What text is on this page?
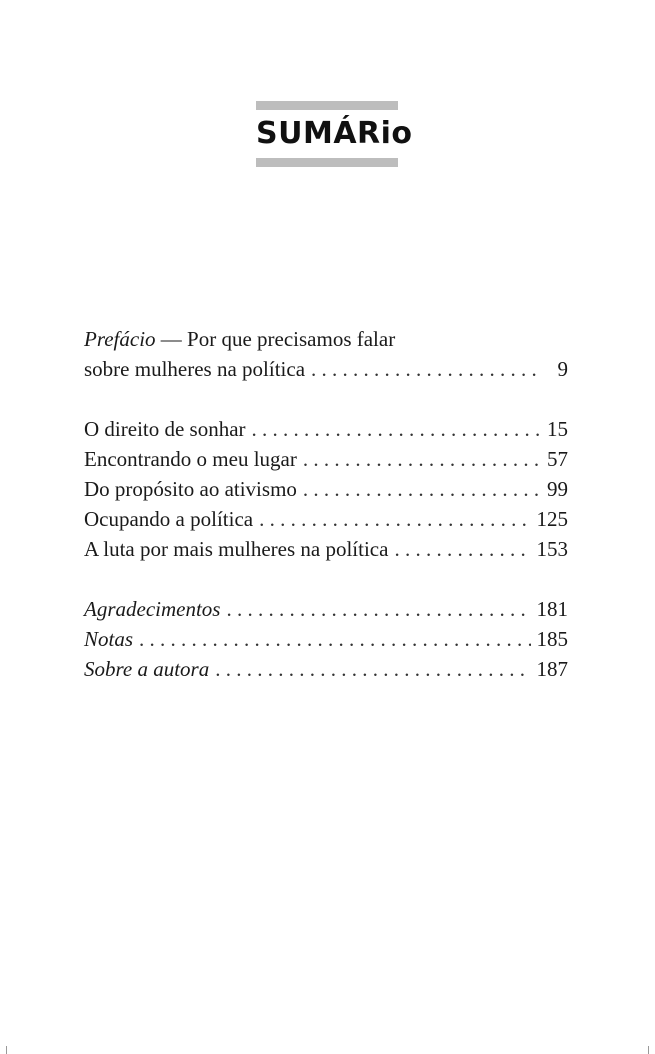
SUMÁRio
Prefácio — Por que precisamos falar
sobre mulheres na política . . .	9
O direito de sonhar . . .	15
Encontrando o meu lugar . . .	57
Do propósito ao ativismo . . .	99
Ocupando a política . . .	125
A luta por mais mulheres na política . . .	153
Agradecimentos . . .	181
Notas . . .	185
Sobre a autora . . .	187
